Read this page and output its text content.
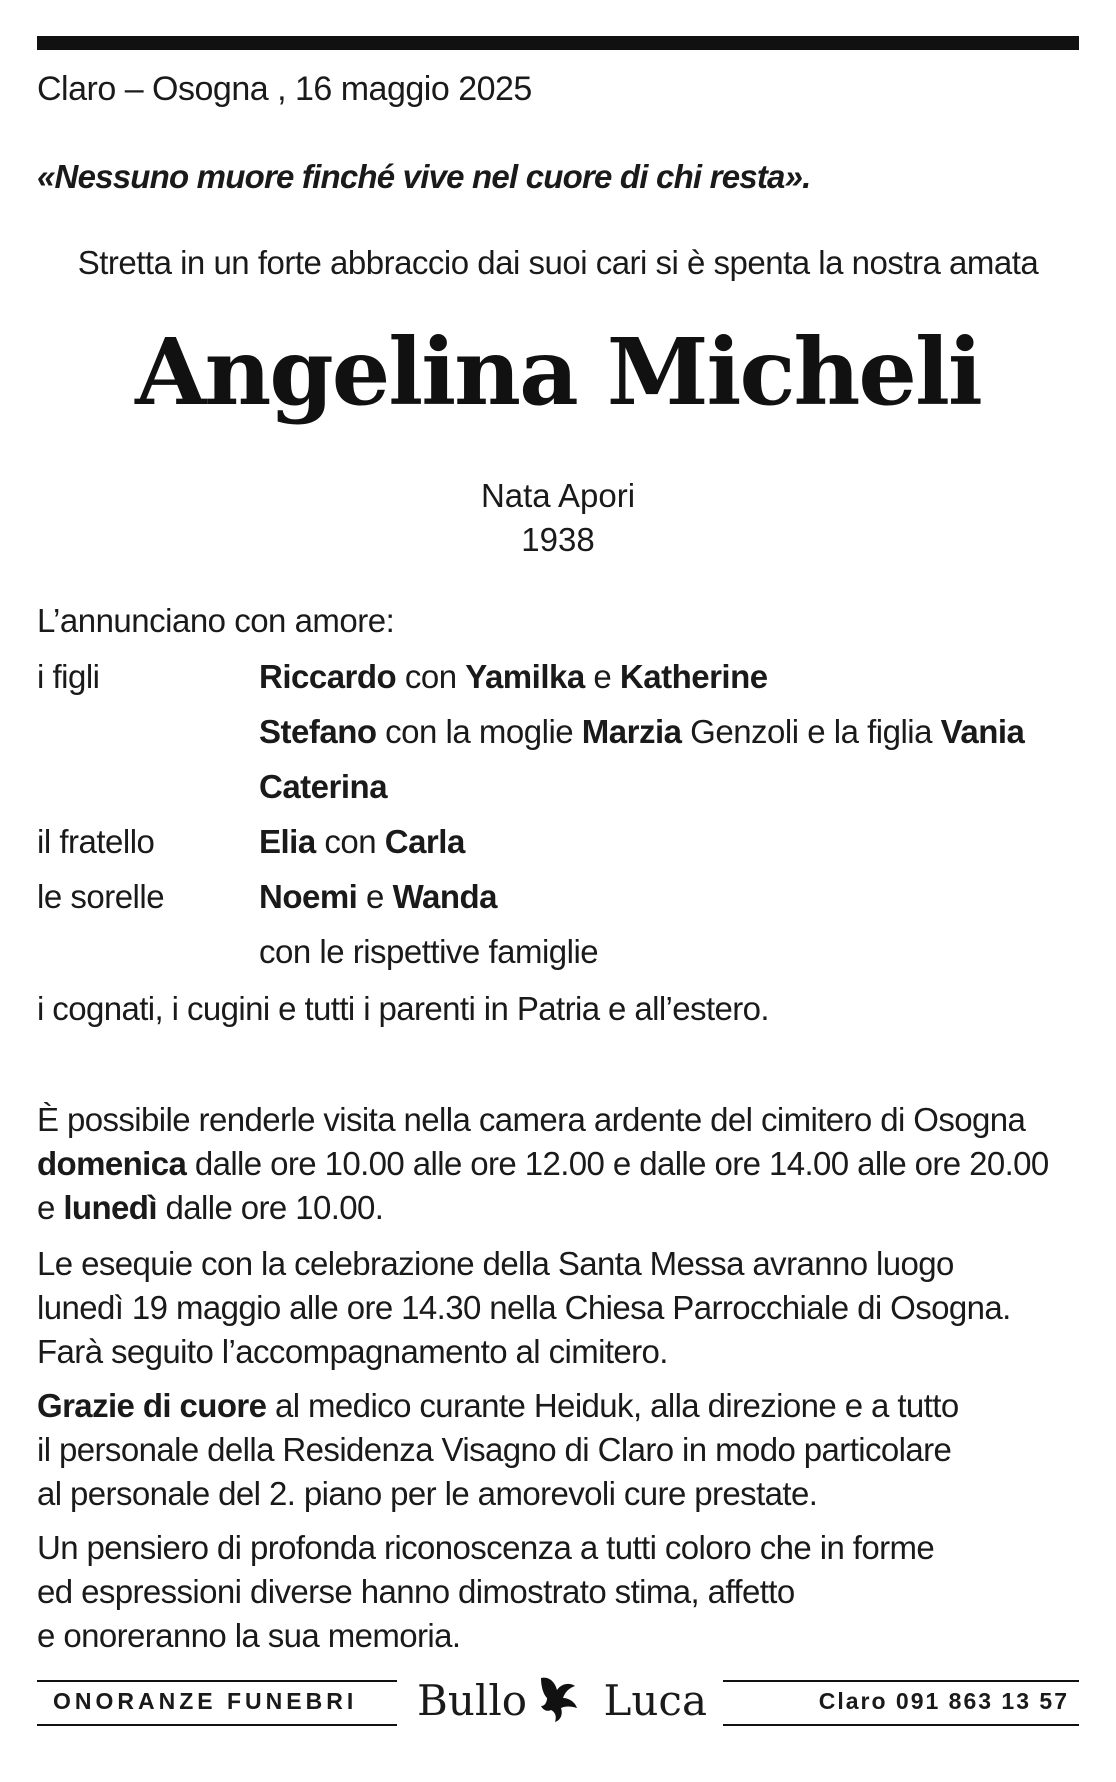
Claro – Osogna , 16 maggio 2025
«Nessuno muore finché vive nel cuore di chi resta».
Stretta in un forte abbraccio dai suoi cari si è spenta la nostra amata
Angelina Micheli
Nata Apori
1938
L’annunciano con amore:
i figli	Riccardo con Yamilka e Katherine
Stefano con la moglie Marzia Genzoli e la figlia Vania
Caterina
il fratello	Elia con Carla
le sorelle	Noemi e Wanda
con le rispettive famiglie
i cognati, i cugini e tutti i parenti in Patria e all’estero.
È possibile renderle visita nella camera ardente del cimitero di Osogna
domenica dalle ore 10.00 alle ore 12.00 e dalle ore 14.00 alle ore 20.00
e lunedì dalle ore 10.00.
Le esequie con la celebrazione della Santa Messa avranno luogo
lunedì 19 maggio alle ore 14.30 nella Chiesa Parrocchiale di Osogna.
Farà seguito l’accompagnamento al cimitero.
Grazie di cuore al medico curante Heiduk, alla direzione e a tutto
il personale della Residenza Visagno di Claro in modo particolare
al personale del 2. piano per le amorevoli cure prestate.
Un pensiero di profonda riconoscenza a tutti coloro che in forme
ed espressioni diverse hanno dimostrato stima, affetto
e onoreranno la sua memoria.
ONORANZE FUNEBRI Bullo Luca	Claro 091 863 13 57
